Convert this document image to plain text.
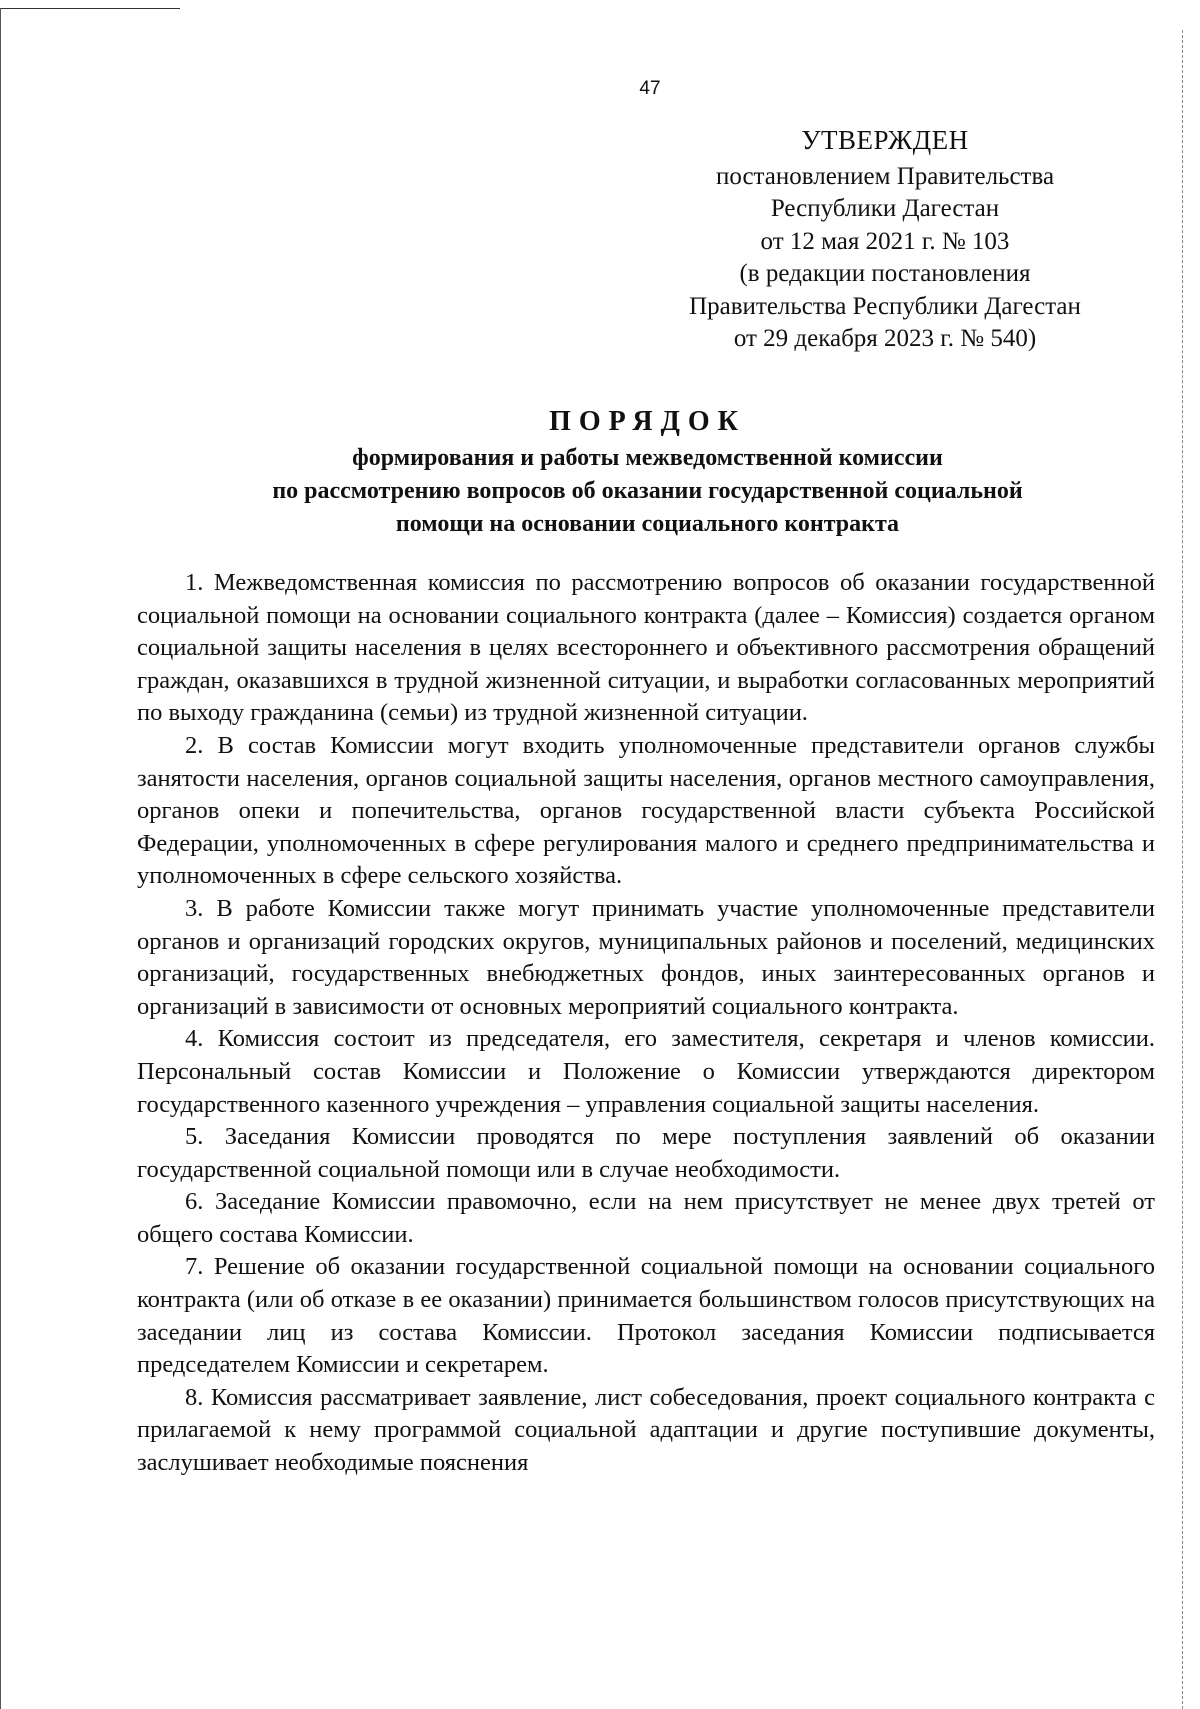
47
УТВЕРЖДЕН
постановлением Правительства
Республики Дагестан
от 12 мая 2021 г. № 103
(в редакции постановления
Правительства Республики Дагестан
от 29 декабря 2023 г. № 540)
ПОРЯДОК
формирования и работы межведомственной комиссии
по рассмотрению вопросов об оказании государственной социальной
помощи на основании социального контракта

1. Межведомственная комиссия по рассмотрению вопросов об оказании государственной социальной помощи на основании социального контракта (далее – Комиссия) создается органом социальной защиты населения в целях всестороннего и объективного рассмотрения обращений граждан, оказавшихся в трудной жизненной ситуации, и выработки согласованных мероприятий по выходу гражданина (семьи) из трудной жизненной ситуации.

2. В состав Комиссии могут входить уполномоченные представители органов службы занятости населения, органов социальной защиты населения, органов местного самоуправления, органов опеки и попечительства, органов государственной власти субъекта Российской Федерации, уполномоченных в сфере регулирования малого и среднего предпринимательства и уполномоченных в сфере сельского хозяйства.

3. В работе Комиссии также могут принимать участие уполномоченные представители органов и организаций городских округов, муниципальных районов и поселений, медицинских организаций, государственных внебюджетных фондов, иных заинтересованных органов и организаций в зависимости от основных мероприятий социального контракта.

4. Комиссия состоит из председателя, его заместителя, секретаря и членов комиссии. Персональный состав Комиссии и Положение о Комиссии утверждаются директором государственного казенного учреждения – управления социальной защиты населения.

5. Заседания Комиссии проводятся по мере поступления заявлений об оказании государственной социальной помощи или в случае необходимости.

6. Заседание Комиссии правомочно, если на нем присутствует не менее двух третей от общего состава Комиссии.

7. Решение об оказании государственной социальной помощи на основании социального контракта (или об отказе в ее оказании) принимается большинством голосов присутствующих на заседании лиц из состава Комиссии. Протокол заседания Комиссии подписывается председателем Комиссии и секретарем.

8. Комиссия рассматривает заявление, лист собеседования, проект социального контракта с прилагаемой к нему программой социальной адаптации и другие поступившие документы, заслушивает необходимые пояснения
